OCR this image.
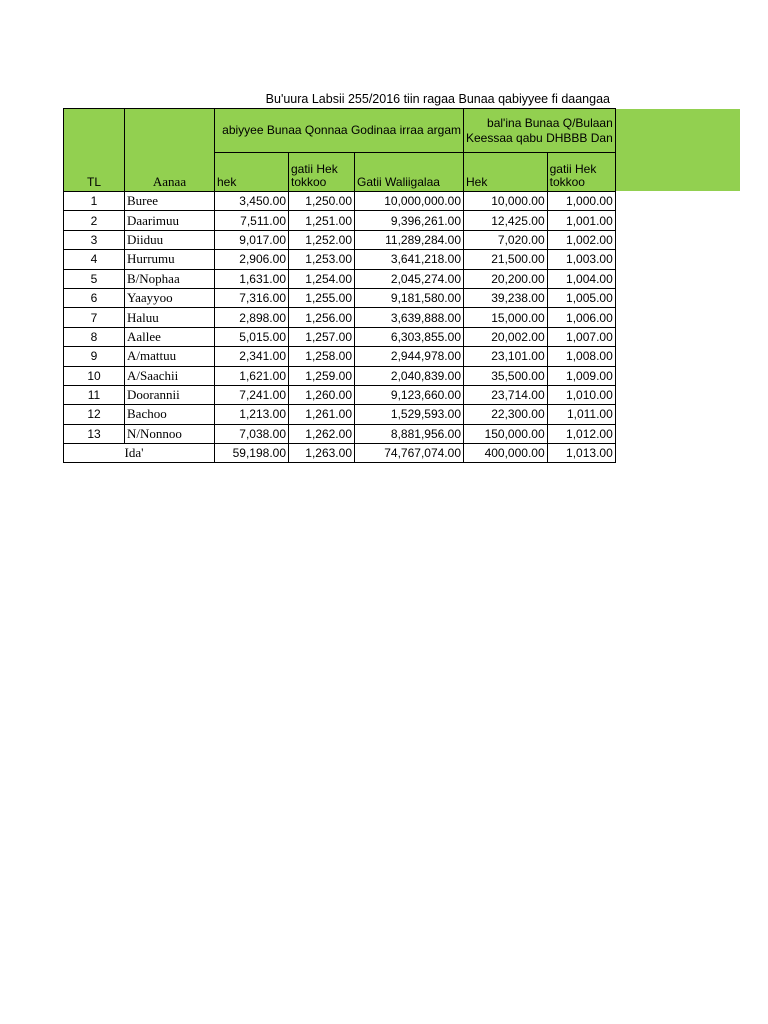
Bu'uura Labsii 255/2016 tiin ragaa Bunaa qabiyyee fi daangaa
TL	Aanaa	abiyyee Bunaa Qonnaa Godinaa irraa argam			bal'ina Bunaa Q/Bulaan
Keessaa qabu DHBBB Dan	

		hek	gatii Hek tokkoo	Gatii Waliigalaa	Hek	gatii Hek tokkoo
1	Buree	3,450.00	1,250.00	10,000,000.00	10,000.00	1,000.00
2	Daarimuu	7,511.00	1,251.00	9,396,261.00	12,425.00	1,001.00
3	Diiduu	9,017.00	1,252.00	11,289,284.00	7,020.00	1,002.00
4	Hurrumu	2,906.00	1,253.00	3,641,218.00	21,500.00	1,003.00
5	B/Nophaa	1,631.00	1,254.00	2,045,274.00	20,200.00	1,004.00
6	Yaayyoo	7,316.00	1,255.00	9,181,580.00	39,238.00	1,005.00
7	Haluu	2,898.00	1,256.00	3,639,888.00	15,000.00	1,006.00
8	Aallee	5,015.00	1,257.00	6,303,855.00	20,002.00	1,007.00
9	A/mattuu	2,341.00	1,258.00	2,944,978.00	23,101.00	1,008.00
10	A/Saachii	1,621.00	1,259.00	2,040,839.00	35,500.00	1,009.00
11	Doorannii	7,241.00	1,260.00	9,123,660.00	23,714.00	1,010.00
12	Bachoo	1,213.00	1,261.00	1,529,593.00	22,300.00	1,011.00
13	N/Nonnoo	7,038.00	1,262.00	8,881,956.00	150,000.00	1,012.00
	Ida'	59,198.00	1,263.00	74,767,074.00	400,000.00	1,013.00
